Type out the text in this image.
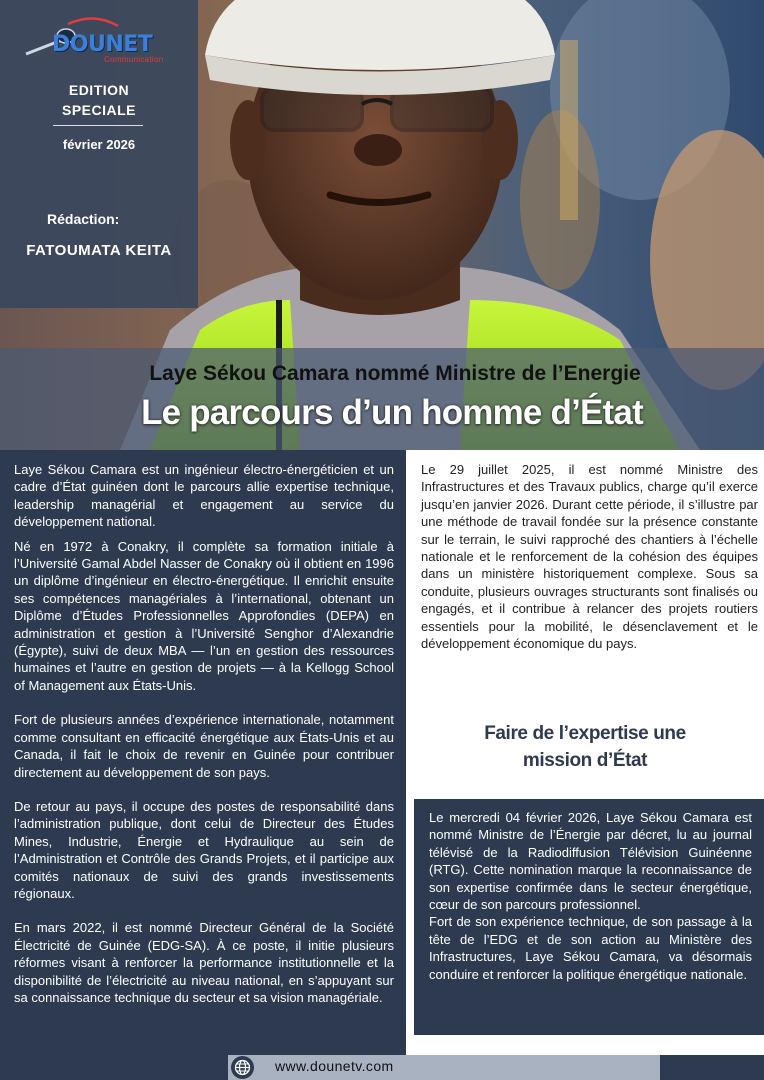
DOUNET
Communication
EDITION SPECIALE
février 2026
Rédaction:
FATOUMATA KEITA
Laye Sékou Camara nommé Ministre de l’Energie
Le parcours d’un homme d’État

Laye Sékou Camara est un ingénieur électro-énergéticien et un cadre d’État guinéen dont le parcours allie expertise technique, leadership managérial et engagement au service du développement national.

Né en 1972 à Conakry, il complète sa formation initiale à l’Université Gamal Abdel Nasser de Conakry où il obtient en 1996 un diplôme d’ingénieur en électro-énergétique. Il enrichit ensuite ses compétences managériales à l’international, obtenant un Diplôme d’Études Professionnelles Approfondies (DEPA) en administration et gestion à l’Université Senghor d’Alexandrie (Égypte), suivi de deux MBA — l’un en gestion des ressources humaines et l’autre en gestion de projets — à la Kellogg School of Management aux États-Unis.

Fort de plusieurs années d’expérience internationale, notamment comme consultant en efficacité énergétique aux États-Unis et au Canada, il fait le choix de revenir en Guinée pour contribuer directement au développement de son pays.

De retour au pays, il occupe des postes de responsabilité dans l’administration publique, dont celui de Directeur des Études Mines, Industrie, Énergie et Hydraulique au sein de l’Administration et Contrôle des Grands Projets, et il participe aux comités nationaux de suivi des grands investissements régionaux.

En mars 2022, il est nommé Directeur Général de la Société Électricité de Guinée (EDG-SA). À ce poste, il initie plusieurs réformes visant à renforcer la performance institutionnelle et la disponibilité de l’électricité au niveau national, en s’appuyant sur sa connaissance technique du secteur et sa vision managériale.

Le 29 juillet 2025, il est nommé Ministre des Infrastructures et des Travaux publics, charge qu’il exerce jusqu’en janvier 2026. Durant cette période, il s’illustre par une méthode de travail fondée sur la présence constante sur le terrain, le suivi rapproché des chantiers à l’échelle nationale et le renforcement de la cohésion des équipes dans un ministère historiquement complexe. Sous sa conduite, plusieurs ouvrages structurants sont finalisés ou engagés, et il contribue à relancer des projets routiers essentiels pour la mobilité, le désenclavement et le développement économique du pays.

Faire de l’expertise une
mission d’État

Le mercredi 04 février 2026, Laye Sékou Camara est nommé Ministre de l’Énergie par décret, lu au journal télévisé de la Radiodiffusion Télévision Guinéenne (RTG). Cette nomination marque la reconnaissance de son expertise confirmée dans le secteur énergétique, cœur de son parcours professionnel.

Fort de son expérience technique, de son passage à la tête de l’EDG et de son action au Ministère des Infrastructures, Laye Sékou Camara, va désormais conduire et renforcer la politique énergétique nationale.

www.dounetv.com
